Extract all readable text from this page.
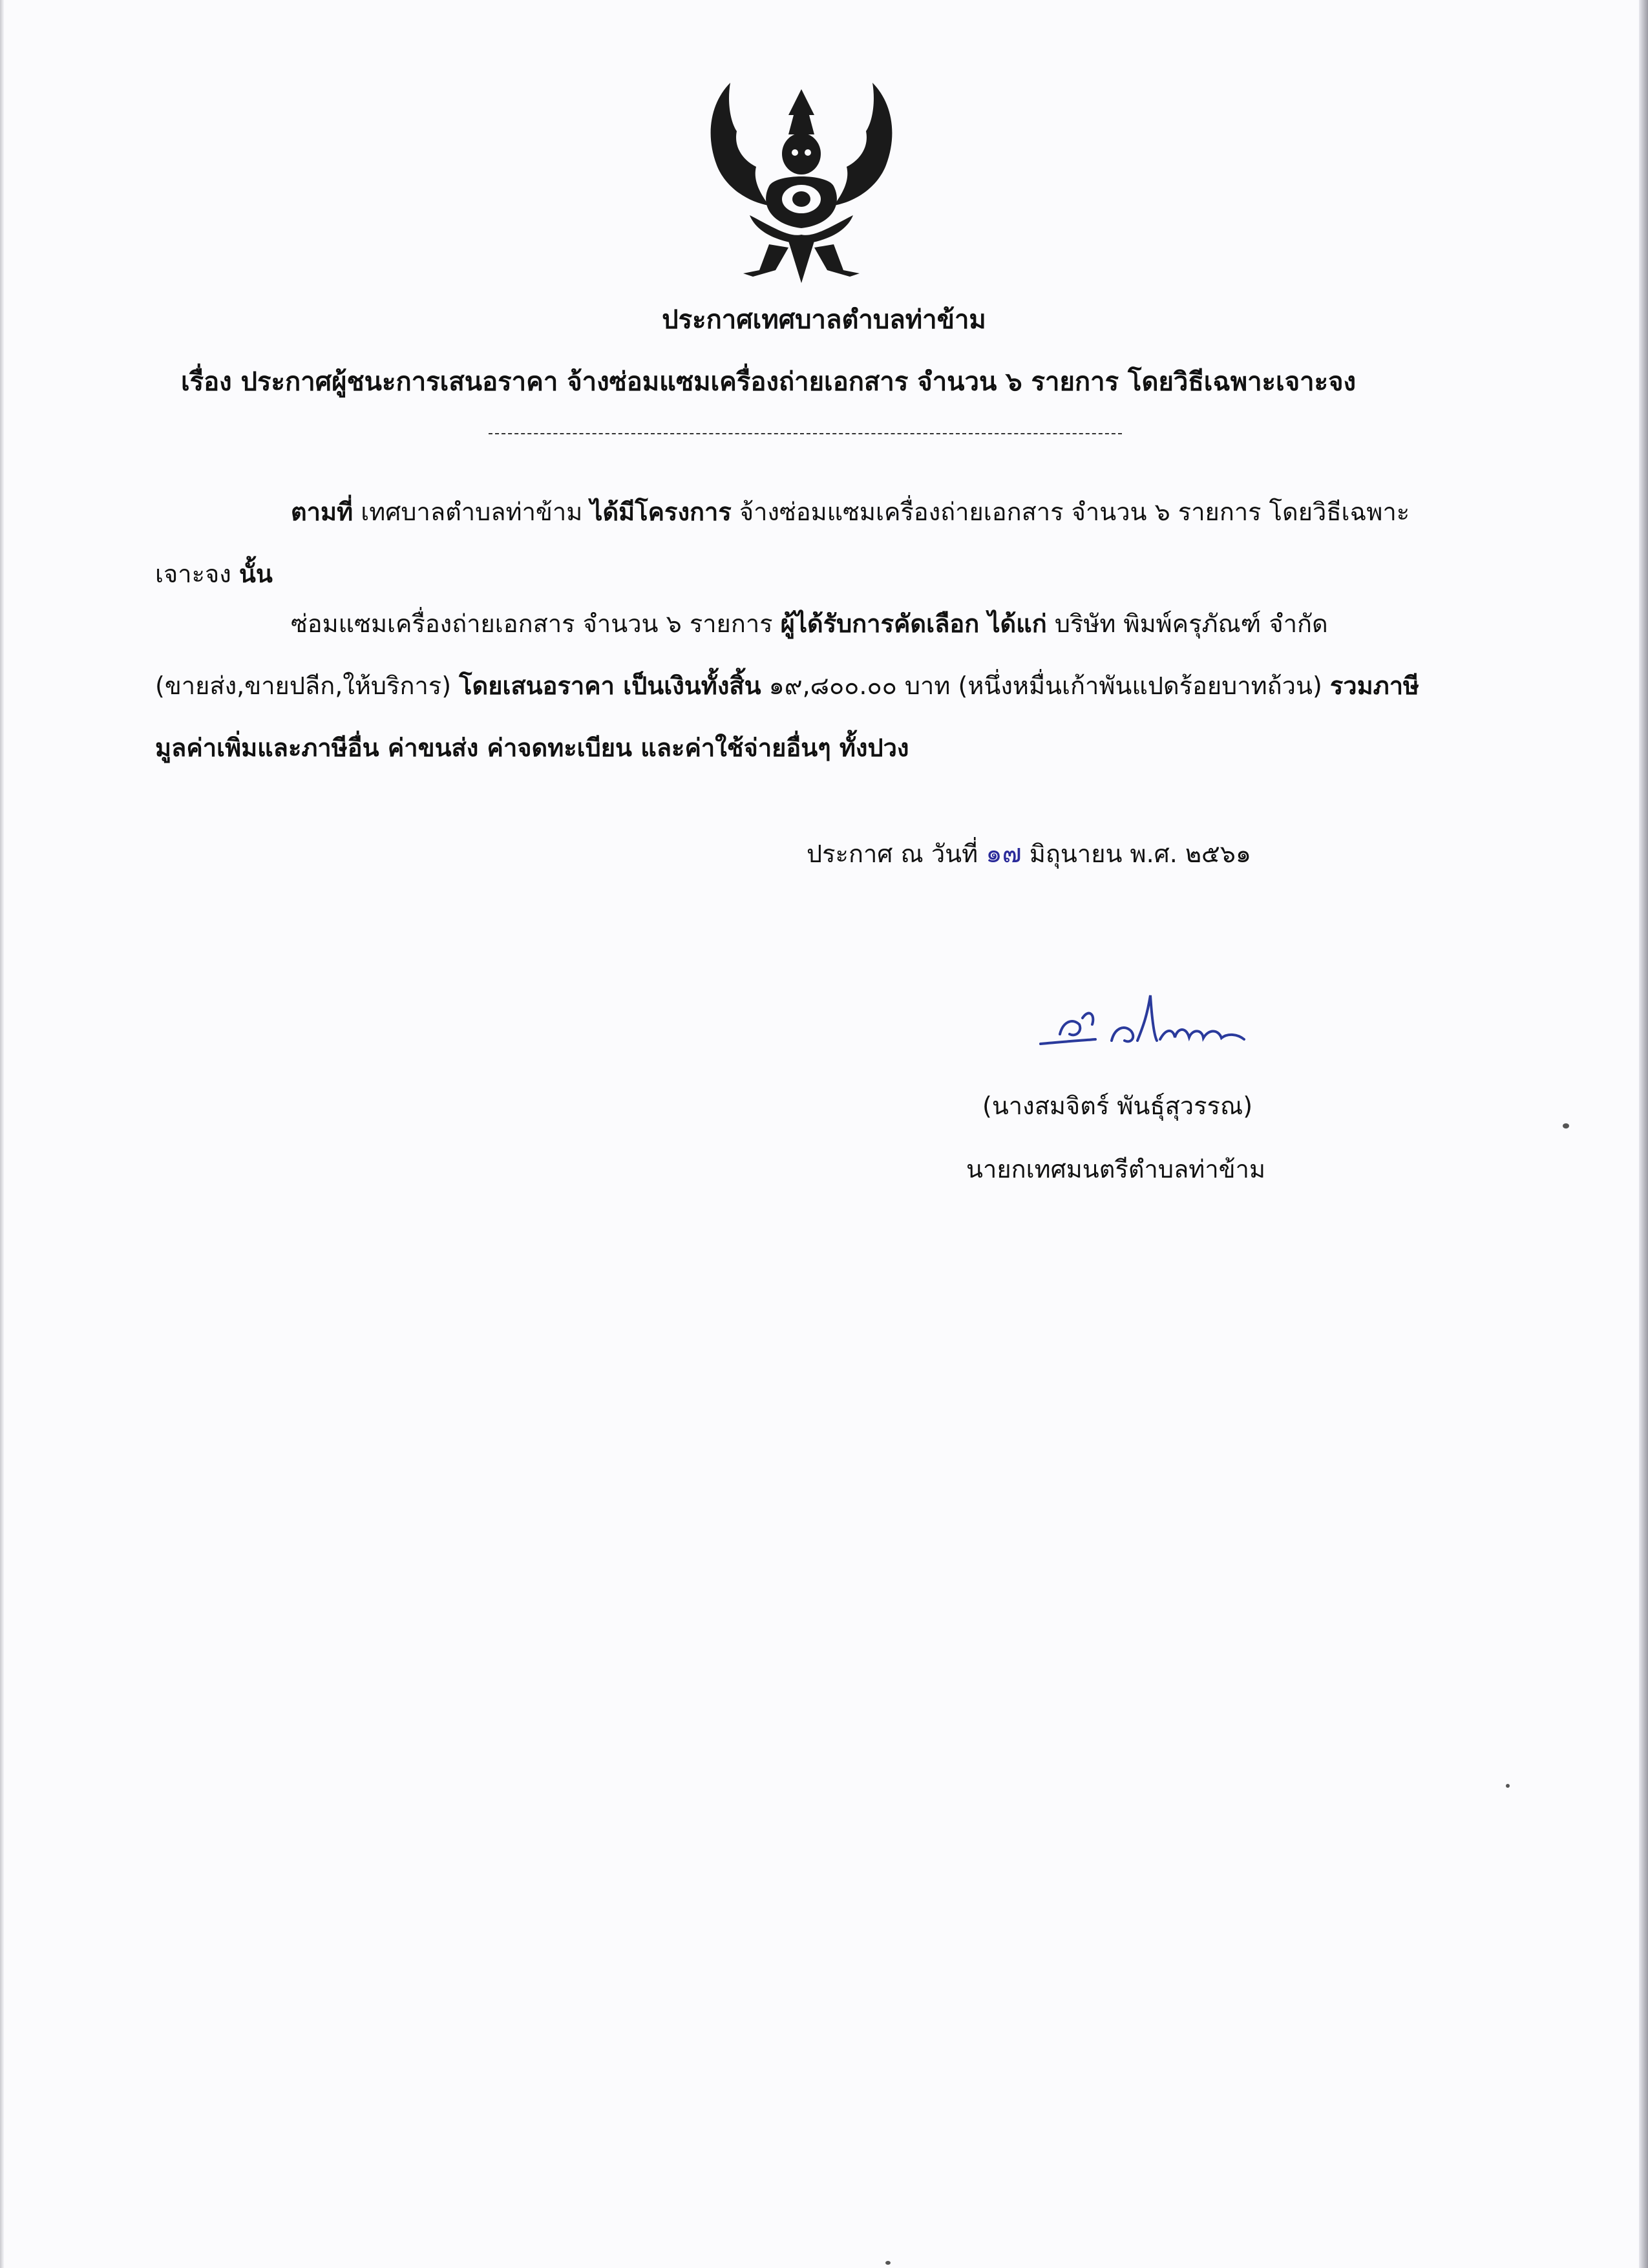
ประกาศเทศบาลตำบลท่าข้าม
เรื่อง ประกาศผู้ชนะการเสนอราคา จ้างซ่อมแซมเครื่องถ่ายเอกสาร จำนวน ๖ รายการ โดยวิธีเฉพาะเจาะจง
ตามที่ เทศบาลตำบลท่าข้าม ได้มีโครงการ จ้างซ่อมแซมเครื่องถ่ายเอกสาร จำนวน ๖ รายการ โดยวิธีเฉพาะเจาะจง นั้น
ซ่อมแซมเครื่องถ่ายเอกสาร จำนวน ๖ รายการ ผู้ได้รับการคัดเลือก ได้แก่ บริษัท พิมพ์ครุภัณฑ์ จำกัด (ขายส่ง,ขายปลีก,ให้บริการ) โดยเสนอราคา เป็นเงินทั้งสิ้น ๑๙,๘๐๐.๐๐ บาท (หนึ่งหมื่นเก้าพันแปดร้อยบาทถ้วน) รวมภาษีมูลค่าเพิ่มและภาษีอื่น ค่าขนส่ง ค่าจดทะเบียน และค่าใช้จ่ายอื่นๆ ทั้งปวง
ประกาศ ณ วันที่ ๑๗ มิถุนายน พ.ศ. ๒๕๖๑
(นางสมจิตร์ พันธุ์สุวรรณ)
นายกเทศมนตรีตำบลท่าข้าม
